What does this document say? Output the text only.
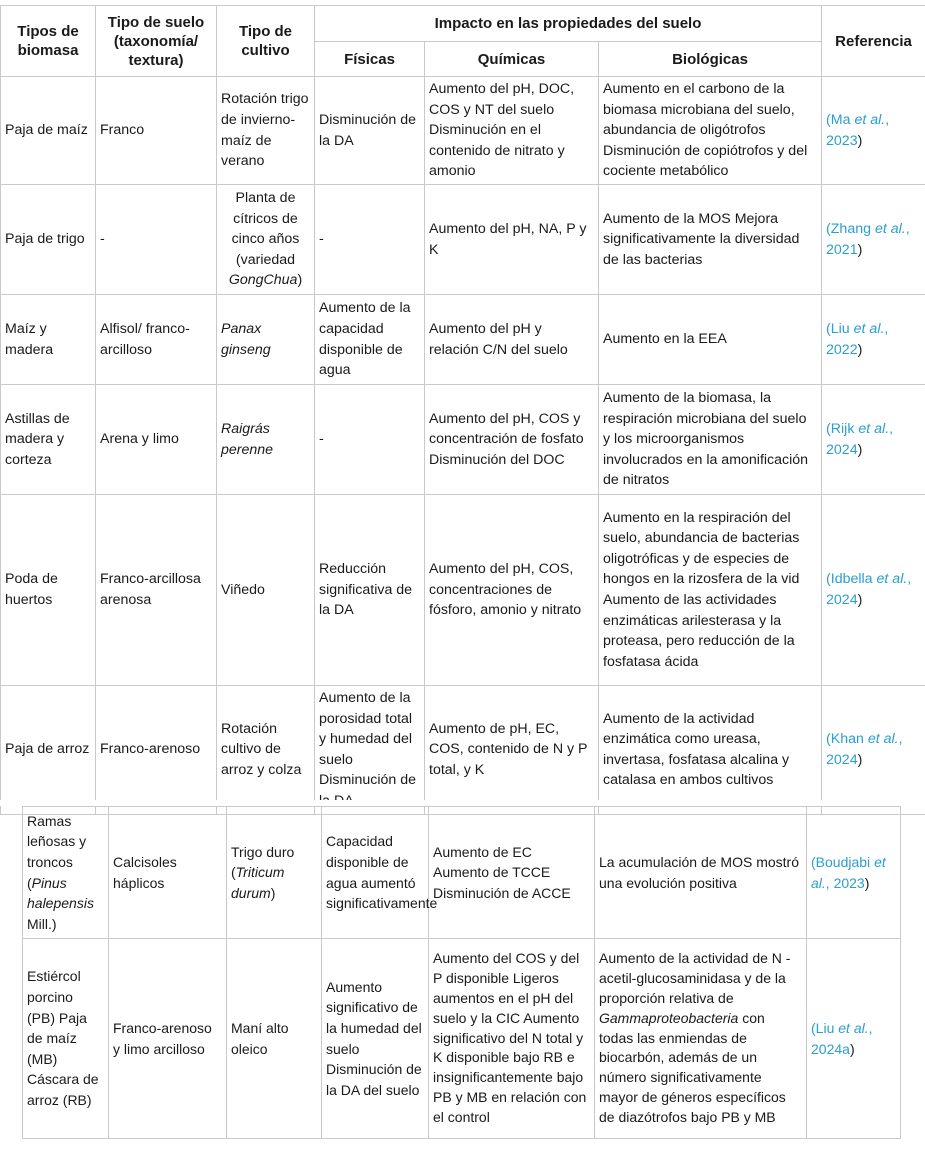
Tipos de biomasa	Tipo de suelo (taxonomía/ textura)	Tipo de cultivo	Impacto en las propiedades del suelo			Referencia
			Físicas	Químicas	Biológicas	
Paja de maíz	Franco	Rotación trigo de invierno-maíz de verano	Disminución de la DA	Aumento del pH, DOC, COS y NT del suelo Disminución en el contenido de nitrato y amonio	Aumento en el carbono de la biomasa microbiana del suelo, abundancia de oligótrofos Disminución de copiótrofos y del cociente metabólico	(Ma et al., 2023)
Paja de trigo	-	Planta de cítricos de cinco años (variedad GongChua)	-	Aumento del pH, NA, P y K	Aumento de la MOS Mejora significativamente la diversidad de las bacterias	(Zhang et al., 2021)
Maíz y madera	Alfisol/ franco-arcilloso	Panax ginseng	Aumento de la capacidad disponible de agua	Aumento del pH y relación C/N del suelo	Aumento en la EEA	(Liu et al., 2022)
Astillas de madera y corteza	Arena y limo	Raigrás perenne	-	Aumento del pH, COS y concentración de fosfato Disminución del DOC	Aumento de la biomasa, la respiración microbiana del suelo y los microorganismos involucrados en la amonificación de nitratos	(Rijk et al., 2024)
Poda de huertos	Franco-arcillosa arenosa	Viñedo	Reducción significativa de la DA	Aumento del pH, COS, concentraciones de fósforo, amonio y nitrato	Aumento en la respiración del suelo, abundancia de bacterias oligotróficas y de especies de hongos en la rizosfera de la vid Aumento de las actividades enzimáticas arilesterasa y la proteasa, pero reducción de la fosfatasa ácida	(Idbella et al., 2024)
Paja de arroz	Franco-arenoso	Rotación cultivo de arroz y colza	Aumento de la porosidad total y humedad del suelo Disminución de	Aumento de pH, EC, COS, contenido de N y P total, y K	Aumento de la actividad enzimática como ureasa, invertasa, fosfatasa alcalina y catalasa en ambos cultivos	(Khan et al., 2024)
Ramas leñosas y troncos (Pinus halepensis Mill.)	Calcisoles háplicos	Trigo duro (Triticum durum)	Capacidad disponible de agua aumentó significativamente	Aumento de EC Aumento de TCCE Disminución de ACCE	La acumulación de MOS mostró una evolución positiva	(Boudjabi et al., 2023)
Estiércol porcino (PB) Paja de maíz (MB) Cáscara de arroz (RB)	Franco-arenoso y limo arcilloso	Maní alto oleico	Aumento significativo de la humedad del suelo Disminución de la DA del suelo	Aumento del COS y del P disponible Ligeros aumentos en el pH del suelo y la CIC Aumento significativo del N total y K disponible bajo RB e insignificantemente bajo PB y MB en relación con el control	Aumento de la actividad de N -acetil-glucosaminidasa y de la proporción relativa de Gammaproteobacteria con todas las enmiendas de biocarbón, además de un número significativamente mayor de géneros específicos de diazótrofos bajo PB y MB	(Liu et al., 2024a)
